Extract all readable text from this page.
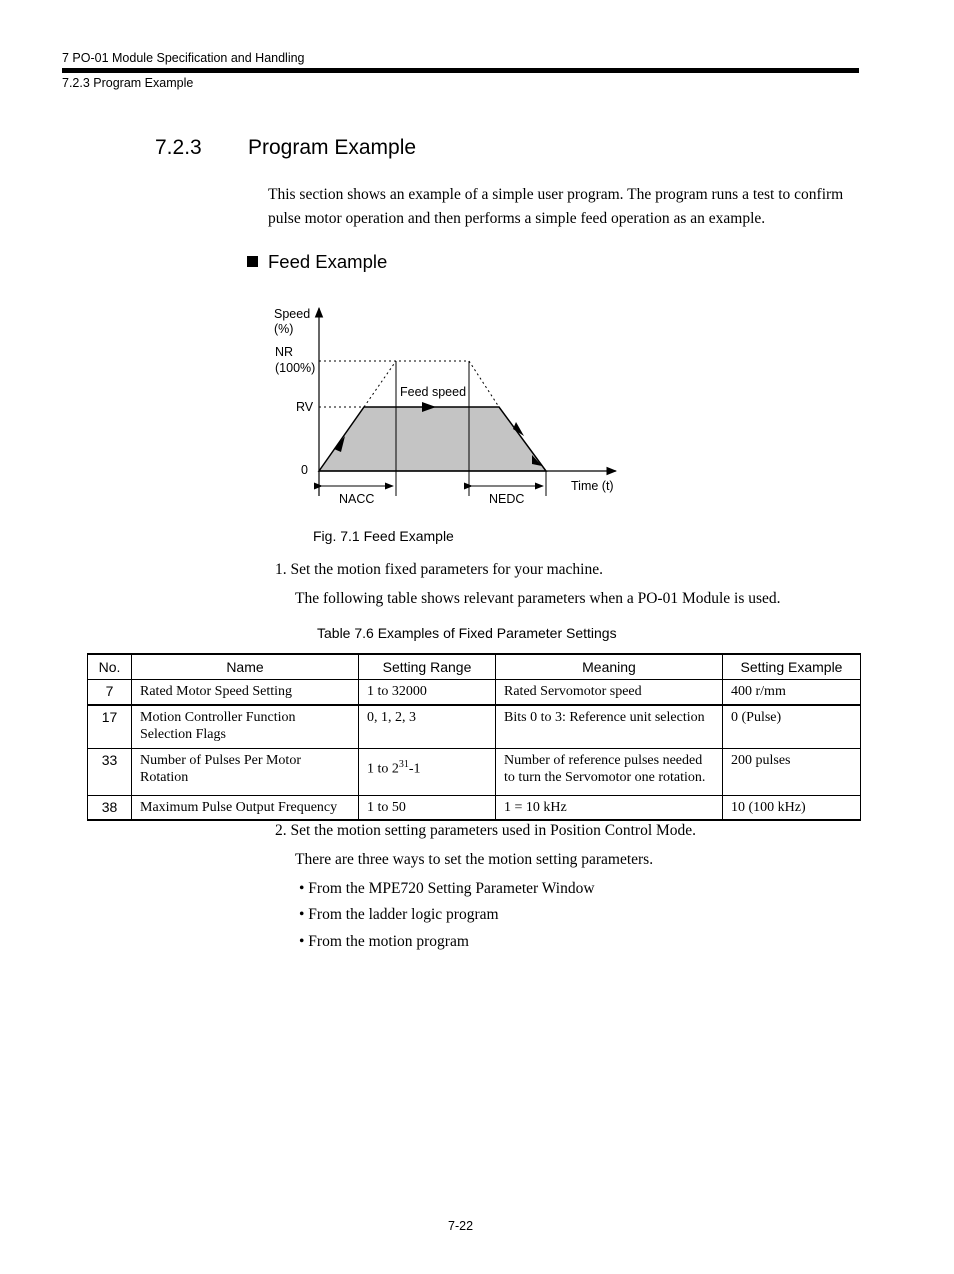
7 PO-01 Module Specification and Handling
7.2.3 Program Example
7.2.3 Program Example
This section shows an example of a simple user program. The program runs a test to confirm pulse motor operation and then performs a simple feed operation as an example.
Feed Example
Speed
(%)
NR
(100%)
RV
0
Feed speed
Time (t)
NACC	NEDC
Fig. 7.1 Feed Example
1. Set the motion fixed parameters for your machine.
The following table shows relevant parameters when a PO-01 Module is used.
Table 7.6 Examples of Fixed Parameter Settings
No.	Name	Setting Range	Meaning	Setting Example
7	Rated Motor Speed Setting	1 to 32000	Rated Servomotor speed	400 r/mm
17	Motion Controller Function Selection Flags	0, 1, 2, 3	Bits 0 to 3: Reference unit selection	0 (Pulse)
33	Number of Pulses Per Motor Rotation	1 to $2^{31}-1$	Number of reference pulses needed to turn the Servomotor one rotation.	200 pulses
38	Maximum Pulse Output Frequency	1 to 50	1 = 10 kHz	10 (100 kHz)
2. Set the motion setting parameters used in Position Control Mode.
There are three ways to set the motion setting parameters.
• From the MPE720 Setting Parameter Window
• From the ladder logic program
• From the motion program
7-22
